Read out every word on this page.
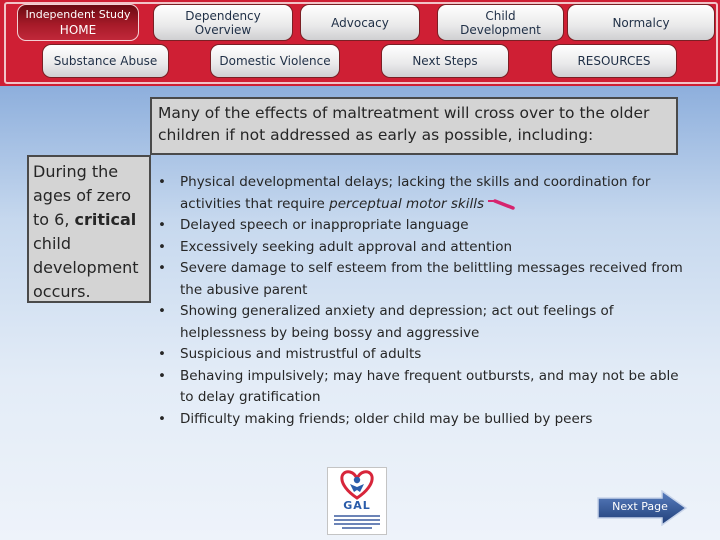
Independent Study
HOME
Dependency
Overview	Advocacy	Child
Development	Normalcy
Substance Abuse	Domestic Violence	Next Steps	RESOURCES
Many of the effects of maltreatment will cross over to the older children if not addressed as early as possible, including:
During the
ages of zero
to 6, critical
child
development
occurs.
• Physical developmental delays; lacking the skills and coordination for activities that require perceptual motor skills
• Delayed speech or inappropriate language
• Excessively seeking adult approval and attention
• Severe damage to self esteem from the belittling messages received from the abusive parent
• Showing generalized anxiety and depression; act out feelings of helplessness by being bossy and aggressive
• Suspicious and mistrustful of adults
• Behaving impulsively; may have frequent outbursts, and may not be able to delay gratification
• Difficulty making friends; older child may be bullied by peers
GAL	Next Page
